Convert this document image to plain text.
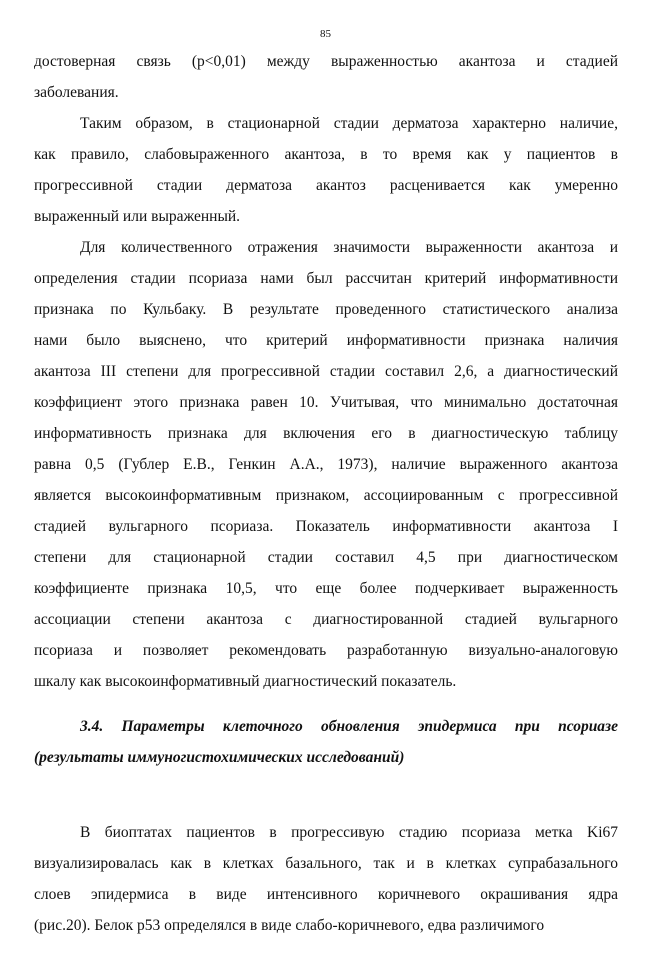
85
достоверная связь (p<0,01) между выраженностью акантоза и стадией
заболевания.
Таким образом, в стационарной стадии дерматоза характерно наличие,
как правило, слабовыраженного акантоза, в то время как у пациентов в
прогрессивной стадии дерматоза акантоз расценивается как умеренно
выраженный или выраженный.
Для количественного отражения значимости выраженности акантоза и
определения стадии псориаза нами был рассчитан критерий информативности
признака по Кульбаку. В результате проведенного статистического анализа
нами было выяснено, что критерий информативности признака наличия
акантоза III степени для прогрессивной стадии составил 2,6, а диагностический
коэффициент этого признака равен 10. Учитывая, что минимально достаточная
информативность признака для включения его в диагностическую таблицу
равна 0,5 (Гублер Е.В., Генкин А.А., 1973), наличие выраженного акантоза
является высокоинформативным признаком, ассоциированным с прогрессивной
стадией вульгарного псориаза. Показатель информативности акантоза I
степени для стационарной стадии составил 4,5 при диагностическом
коэффициенте признака 10,5, что еще более подчеркивает выраженность
ассоциации степени акантоза с диагностированной стадией вульгарного
псориаза и позволяет рекомендовать разработанную визуально-аналоговую
шкалу как высокоинформативный диагностический показатель.
3.4. Параметры клеточного обновления эпидермиса при псориазе
(результаты иммуногистохимических исследований)
В биоптатах пациентов в прогрессивую стадию псориаза метка Ki67
визуализировалась как в клетках базального, так и в клетках супрабазального
слоев эпидермиса в виде интенсивного коричневого окрашивания ядра
(рис.20). Белок p53 определялся в виде слабо-коричневого, едва различимого
